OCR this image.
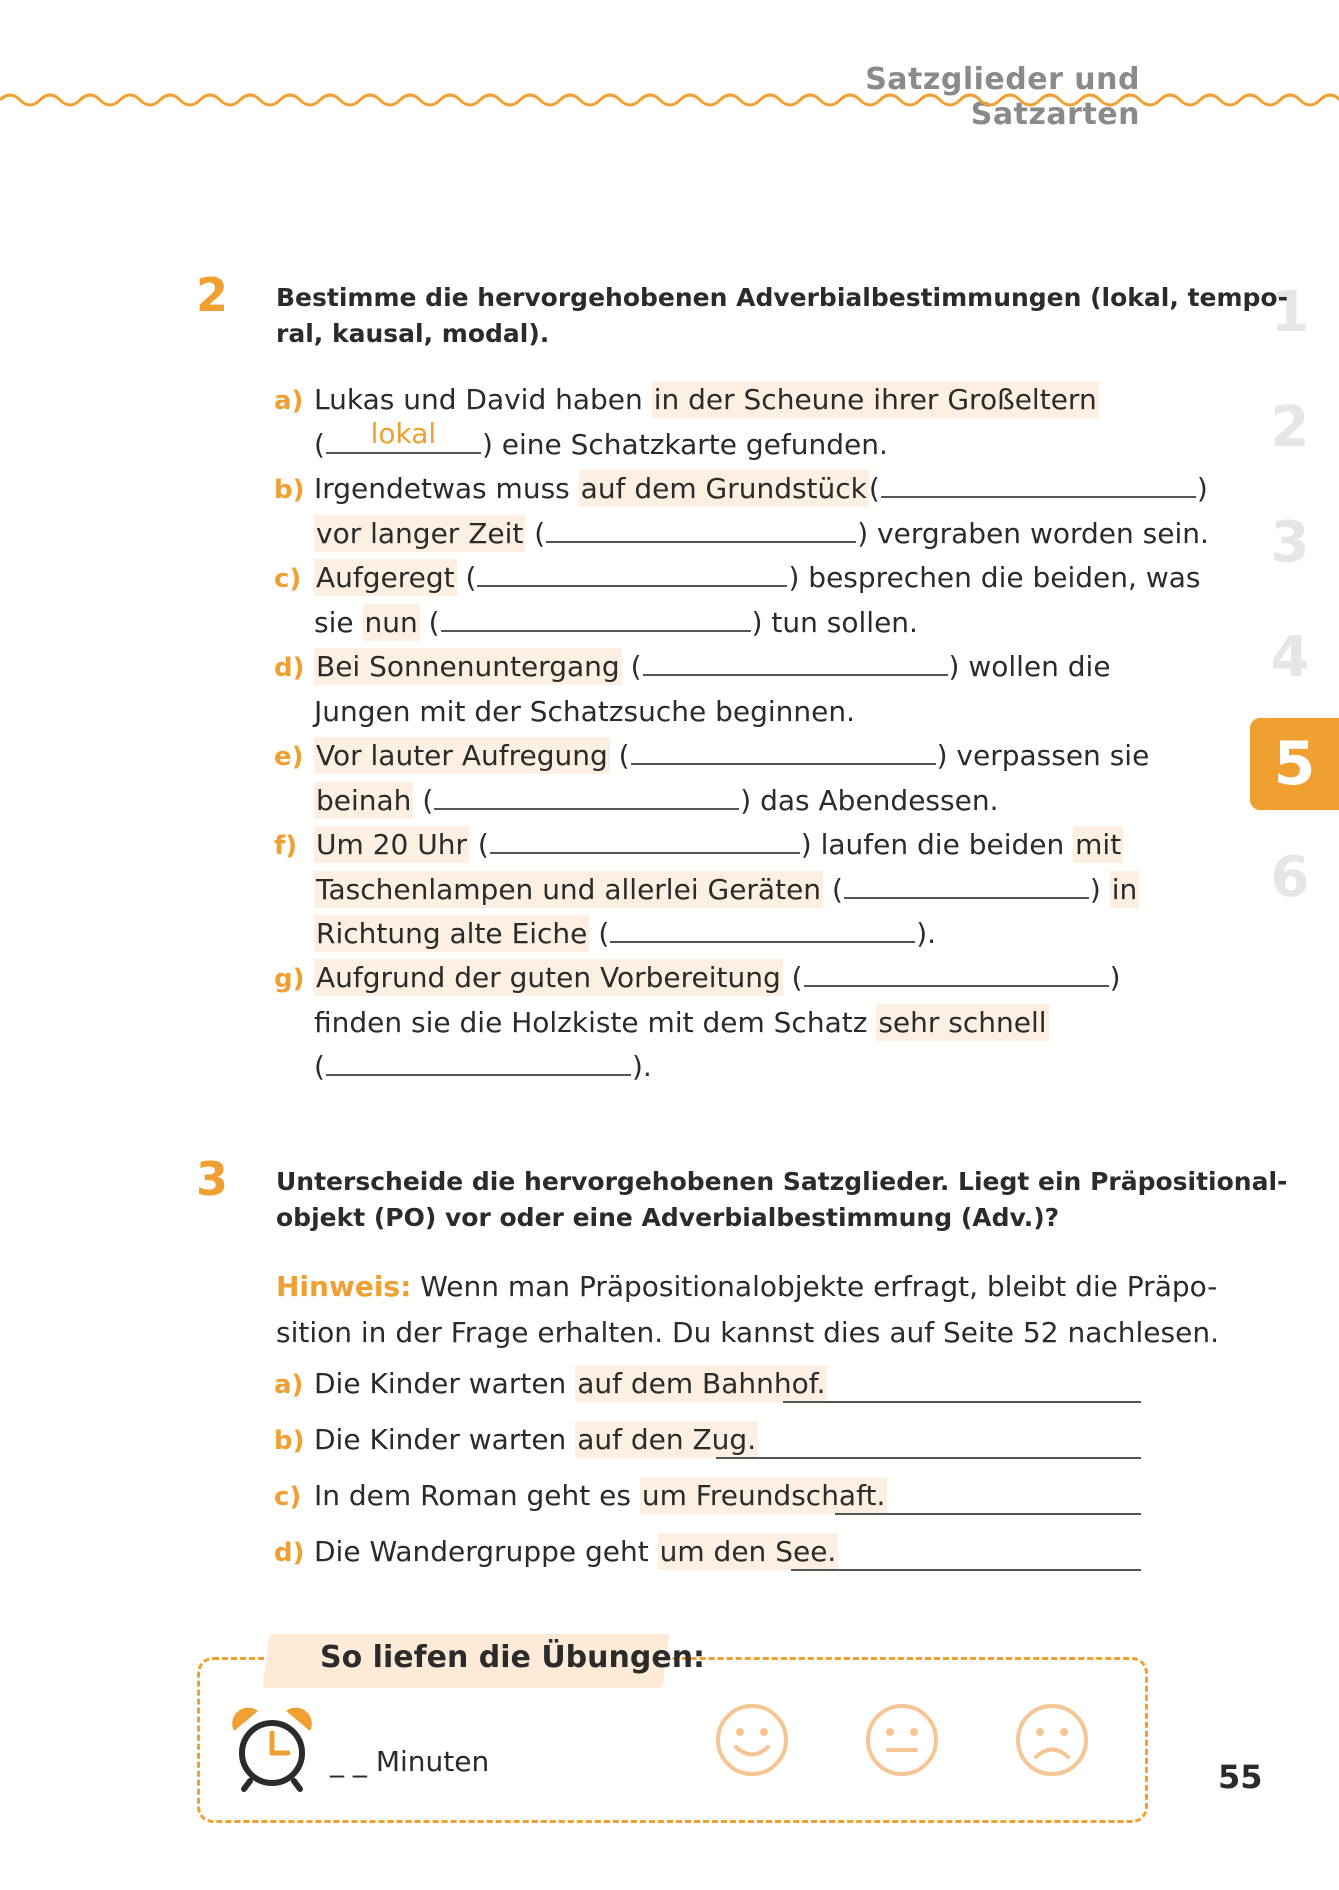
Satzglieder und Satzarten
1
2
3
4
5
6
2 Bestimme die hervorgehobenen Adverbialbestimmungen (lokal, tempo-
ral, kausal, modal).
a) Lukas und David haben in der Scheune ihrer Großeltern
(	lokal	) eine Schatzkarte gefunden.
b) Irgendetwas muss auf dem Grundstück(	)
vor langer Zeit (	) vergraben worden sein.
c) Aufgeregt (	) besprechen die beiden, was
sie nun (	) tun sollen.
d) Bei Sonnenuntergang (	) wollen die
Jungen mit der Schatzsuche beginnen.
e) Vor lauter Aufregung (	) verpassen sie
beinah (	) das Abendessen.
f) Um 20 Uhr (	) laufen die beiden mit
Taschenlampen und allerlei Geräten (	) in
Richtung alte Eiche (	).
g) Aufgrund der guten Vorbereitung (	)
finden sie die Holzkiste mit dem Schatz sehr schnell
(	).
3 Unterscheide die hervorgehobenen Satzglieder. Liegt ein Präpositional-
objekt (PO) vor oder eine Adverbialbestimmung (Adv.)?
Hinweis: Wenn man Präpositionalobjekte erfragt, bleibt die Präpo-
sition in der Frage erhalten. Du kannst dies auf Seite 52 nachlesen.
a) Die Kinder warten auf dem Bahnhof.
b) Die Kinder warten auf den Zug.
c) In dem Roman geht es um Freundschaft.
d) Die Wandergruppe geht um den See.
So liefen die Übungen:
_ _ Minuten	55
